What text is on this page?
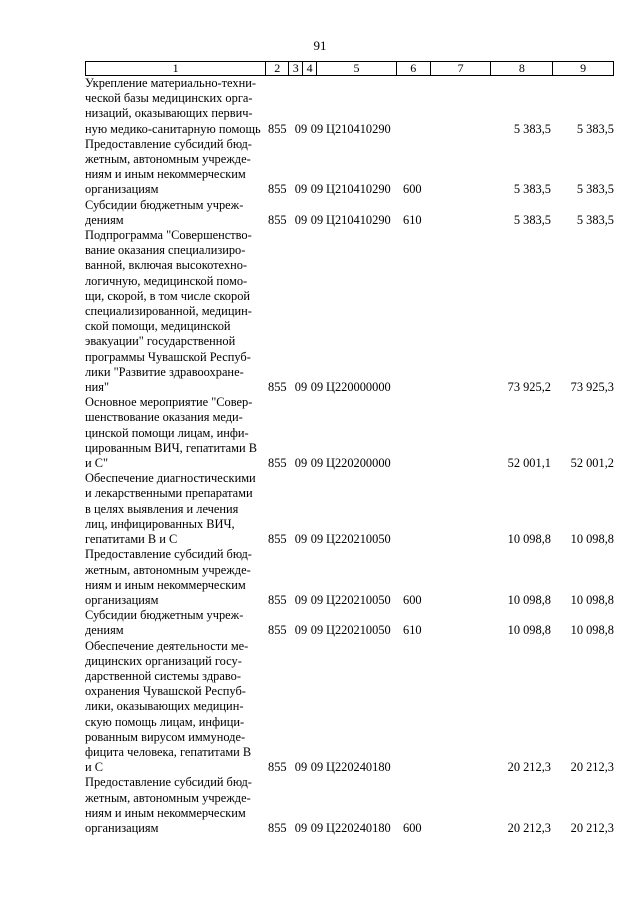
91
1	2	3 4	5	6	7	8	9
Укрепление материально-техни-
ческой базы медицинских орга-
низаций, оказывающих первич-
ную медико-санитарную помощь 855 09 09 Ц210410290	5 383,5	5 383,5
Предоставление субсидий бюд-
жетным, автономным учрежде-
ниям и иным некоммерческим
организациям	855 09 09 Ц210410290 600	5 383,5	5 383,5
Субсидии бюджетным учреж-
дениям	855 09 09 Ц210410290 610	5 383,5	5 383,5
Подпрограмма "Совершенство-
вание оказания специализиро-
ванной, включая высокотехно-
логичную, медицинской помо-
щи, скорой, в том числе скорой
специализированной, медицин-
ской помощи, медицинской
эвакуации" государственной
программы Чувашской Респуб-
лики "Развитие здравоохране-
ния"	855 09 09 Ц220000000	73 925,2	73 925,3
Основное мероприятие "Совер-
шенствование оказания меди-
цинской помощи лицам, инфи-
цированным ВИЧ, гепатитами В
и С"	855 09 09 Ц220200000	52 001,1	52 001,2
Обеспечение диагностическими
и лекарственными препаратами
в целях выявления и лечения
лиц, инфицированных ВИЧ,
гепатитами В и С	855 09 09 Ц220210050	10 098,8	10 098,8
Предоставление субсидий бюд-
жетным, автономным учрежде-
ниям и иным некоммерческим
организациям	855 09 09 Ц220210050 600	10 098,8	10 098,8
Субсидии бюджетным учреж-
дениям	855 09 09 Ц220210050 610	10 098,8	10 098,8
Обеспечение деятельности ме-
дицинских организаций госу-
дарственной системы здраво-
охранения Чувашской Респуб-
лики, оказывающих медицин-
скую помощь лицам, инфици-
рованным вирусом иммуноде-
фицита человека, гепатитами В
и С	855 09 09 Ц220240180	20 212,3	20 212,3
Предоставление субсидий бюд-
жетным, автономным учрежде-
ниям и иным некоммерческим
организациям	855 09 09 Ц220240180 600	20 212,3	20 212,3
